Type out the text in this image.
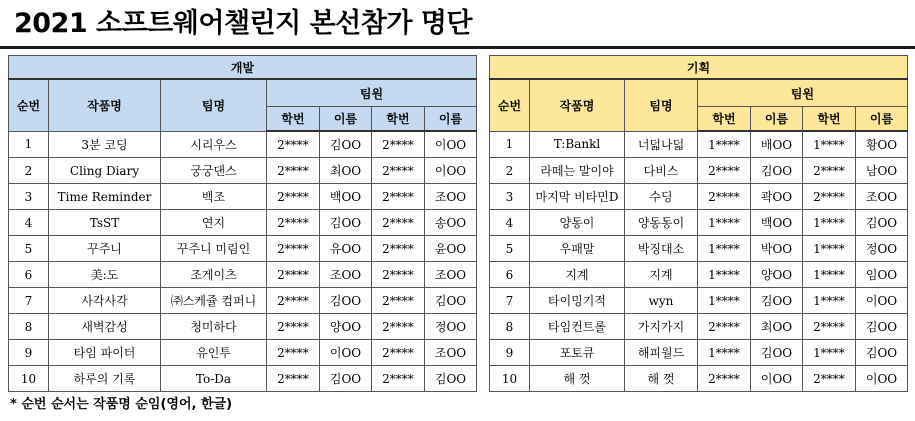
2021 소프트웨어챌린지 본선참가 명단
개발						
순번	작품명	팀명	팀원			
			학번	이름	학번	이름
1	3분 코딩	시리우스	2****	김OO	2****	이OO
2	Cling Diary	궁궁댄스	2****	최OO	2****	이OO
3	Time Reminder	백조	2****	백OO	2****	조OO
4	TsST	연지	2****	김OO	2****	송OO
5	꾸주니	꾸주니 미림인	2****	유OO	2****	윤OO
6	美:도	조게이츠	2****	조OO	2****	조OO
7	사각사각	㈜스케쥴 컴퍼니	2****	김OO	2****	김OO
8	새벽감성	청미하다	2****	양OO	2****	정OO
9	타임 파이터	유인투	2****	이OO	2****	조OO
10	하루의 기록	To-Da	2****	김OO	2****	김OO
기획						
순번	작품명	팀명	팀원			
			학번	이름	학번	이름
1	T:Bankl	너덟나덟	1****	배OO	1****	황OO
2	라떼는 말이야	다비스	2****	김OO	2****	남OO
3	마지막 비타민D	수딩	2****	곽OO	2****	조OO
4	양동이	양동동이	1****	백OO	1****	김OO
5	우패말	박징대소	1****	박OO	1****	정OO
6	지계	지계	1****	양OO	1****	임OO
7	타이밍기적	wyn	1****	김OO	1****	이OO
8	타임컨트롤	가지가지	2****	최OO	2****	김OO
9	포토큐	해피월드	1****	김OO	1****	김OO
10	해 껏	해 껏	2****	이OO	2****	이OO
* 순번 순서는 작품명 순임(영어, 한글)
